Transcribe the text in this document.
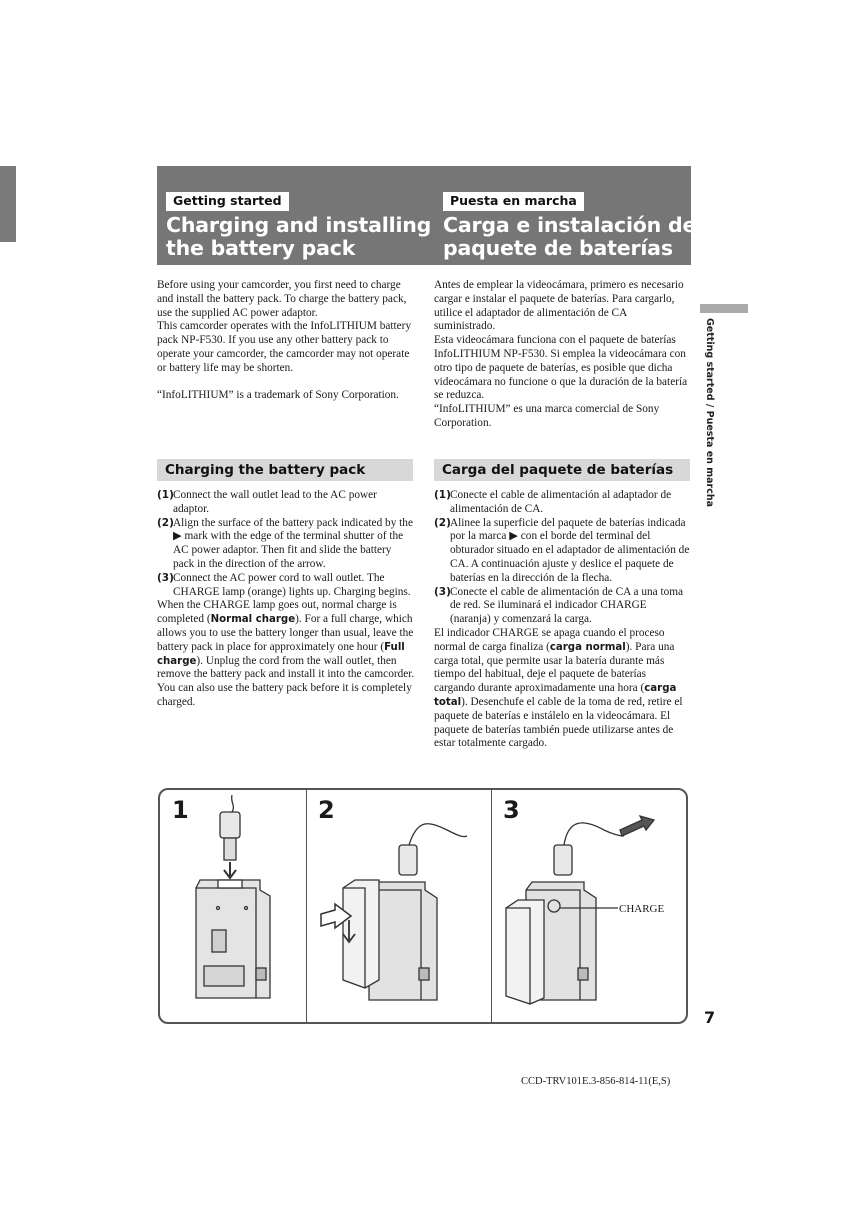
Getting started
Charging and installing
the battery pack
Puesta en marcha
Carga e instalación del
paquete de baterías
Getting started / Puesta en marcha

Before using your camcorder, you first need to charge and install the battery pack. To charge the battery pack, use the supplied AC power adaptor.

This camcorder operates with the InfoLITHIUM battery pack NP-F530. If you use any other battery pack to operate your camcorder, the camcorder may not operate or battery life may be shorten.

“InfoLITHIUM” is a trademark of Sony Corporation.

Antes de emplear la videocámara, primero es necesario cargar e instalar el paquete de baterías. Para cargarlo, utilice el adaptador de alimentación de CA suministrado.

Esta videocámara funciona con el paquete de baterías InfoLITHIUM NP-F530. Si emplea la videocámara con otro tipo de paquete de baterías, es posible que dicha videocámara no funcione o que la duración de la batería se reduzca.

“InfoLITHIUM” es una marca comercial de Sony Corporation.

Charging the battery pack	Carga del paquete de baterías
(1) Connect the wall outlet lead to the AC power adaptor.
(2) Align the surface of the battery pack indicated by the ▶ mark with the edge of the terminal shutter of the AC power adaptor. Then fit and slide the battery pack in the direction of the arrow.
(3) Connect the AC power cord to wall outlet. The CHARGE lamp (orange) lights up. Charging begins.

When the CHARGE lamp goes out, normal charge is completed (Normal charge). For a full charge, which allows you to use the battery longer than usual, leave the battery pack in place for approximately one hour (Full charge). Unplug the cord from the wall outlet, then remove the battery pack and install it into the camcorder. You can also use the battery pack before it is completely charged.

(1) Conecte el cable de alimentación al adaptador de alimentación de CA.
(2) Alinee la superficie del paquete de baterías indicada por la marca ▶ con el borde del terminal del obturador situado en el adaptador de alimentación de CA. A continuación ajuste y deslice el paquete de baterías en la dirección de la flecha.
(3) Conecte el cable de alimentación de CA a una toma de red. Se iluminará el indicador CHARGE (naranja) y comenzará la carga.

El indicador CHARGE se apaga cuando el proceso normal de carga finaliza (carga normal). Para una carga total, que permite usar la batería durante más tiempo del habitual, deje el paquete de baterías cargando durante aproximadamente una hora (carga total). Desenchufe el cable de la toma de red, retire el paquete de baterías e instálelo en la videocámara. El paquete de baterías también puede utilizarse antes de estar totalmente cargado.

1	2	3
CHARGE
7
CCD-TRV101E.3-856-814-11(E,S)
